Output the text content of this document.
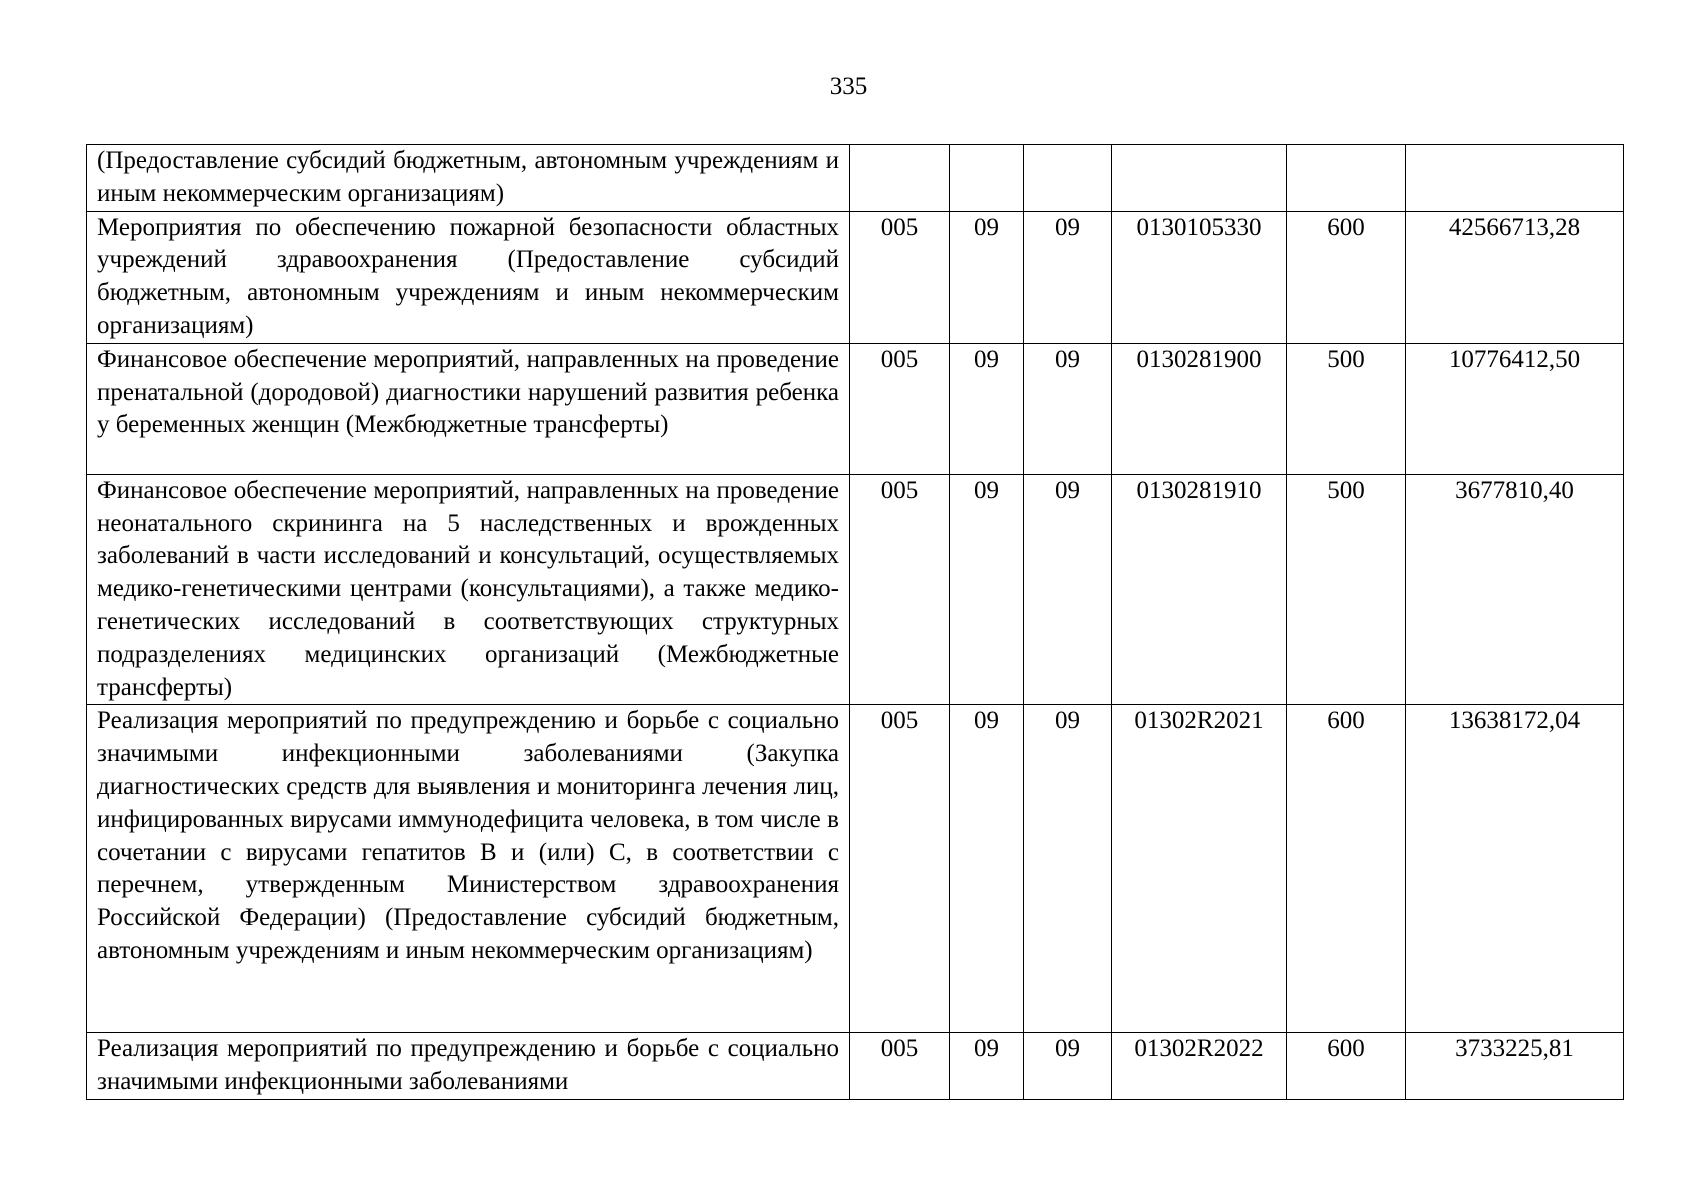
335
(Предоставление субсидий бюджетным, автономным учреждениям и иным некоммерческим организациям)						
Мероприятия по обеспечению пожарной безопасности областных учреждений здравоохранения (Предоставление субсидий бюджетным, автономным учреждениям и иным некоммерческим организациям)	005	09	09	0130105330	600	42566713,28
Финансовое обеспечение мероприятий, направленных на проведение пренатальной (дородовой) диагностики нарушений развития ребенка у беременных женщин (Межбюджетные трансферты)	005	09	09	0130281900	500	10776412,50
Финансовое обеспечение мероприятий, направленных на проведение неонатального скрининга на 5 наследственных и врожденных заболеваний в части исследований и консультаций, осуществляемых медико-генетическими центрами (консультациями), а также медико-генетических исследований в соответствующих структурных подразделениях медицинских организаций (Межбюджетные трансферты)	005	09	09	0130281910	500	3677810,40
Реализация мероприятий по предупреждению и борьбе с социально значимыми инфекционными заболеваниями (Закупка диагностических средств для выявления и мониторинга лечения лиц, инфицированных вирусами иммунодефицита человека, в том числе в сочетании с вирусами гепатитов B и (или) C, в соответствии с перечнем, утвержденным Министерством здравоохранения Российской Федерации) (Предоставление субсидий бюджетным, автономным учреждениям и иным некоммерческим организациям)	005	09	09	01302R2021	600	13638172,04
Реализация мероприятий по предупреждению и борьбе с социально значимыми инфекционными заболеваниями	005	09	09	01302R2022	600	3733225,81
